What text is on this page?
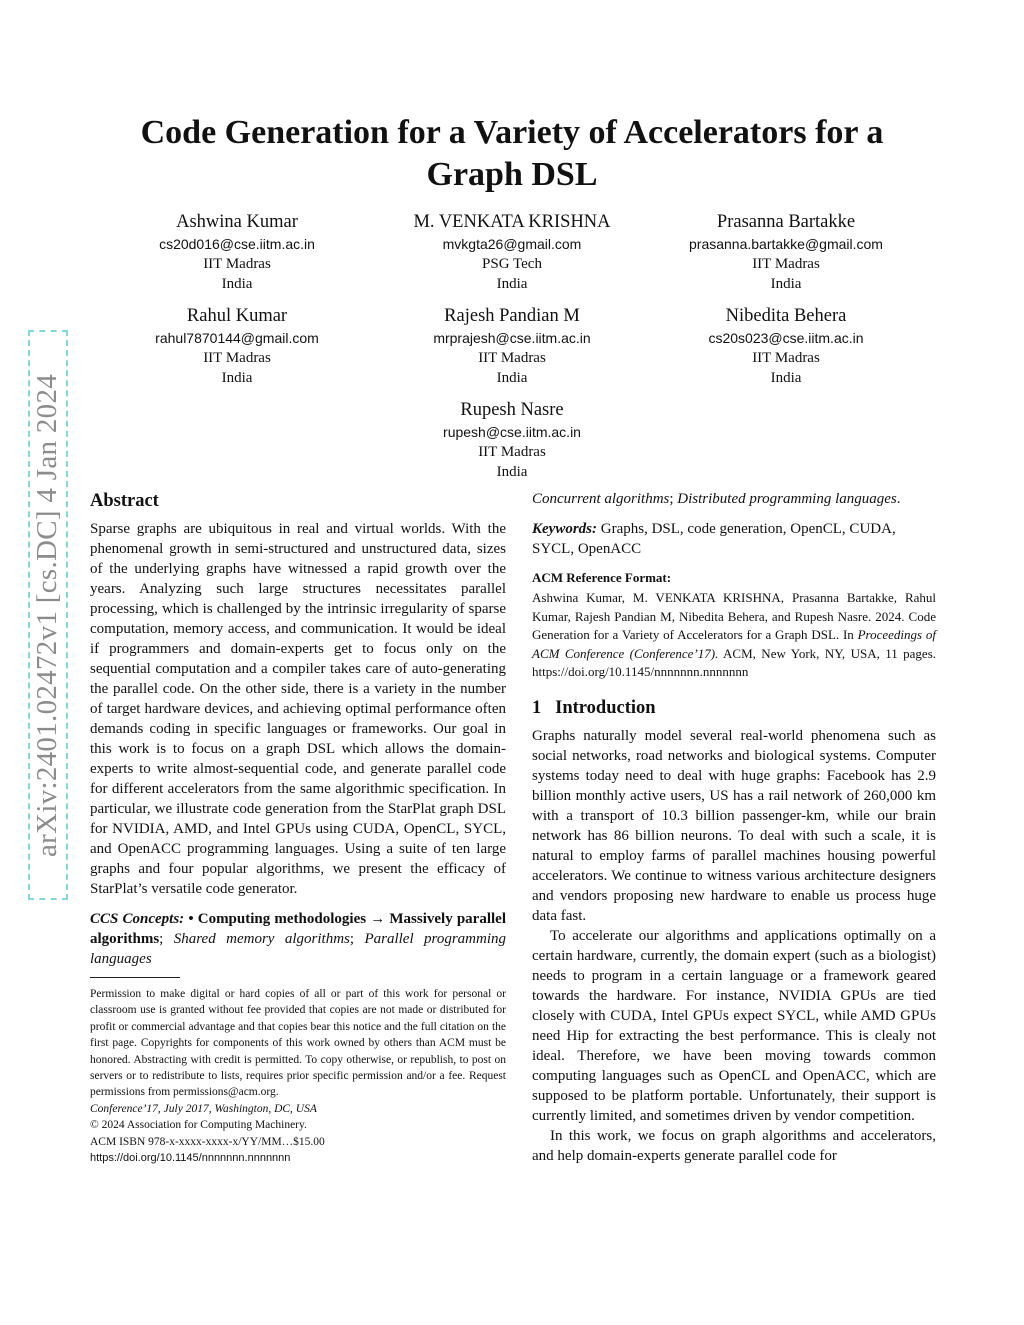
arXiv:2401.02472v1 [cs.DC] 4 Jan 2024
Code Generation for a Variety of Accelerators for a Graph DSL
Ashwina Kumar
cs20d016@cse.iitm.ac.in
IIT Madras
India
M. VENKATA KRISHNA
mvkgta26@gmail.com
PSG Tech
India
Prasanna Bartakke
prasanna.bartakke@gmail.com
IIT Madras
India
Rahul Kumar
rahul7870144@gmail.com
IIT Madras
India
Rajesh Pandian M
mrprajesh@cse.iitm.ac.in
IIT Madras
India
Nibedita Behera
cs20s023@cse.iitm.ac.in
IIT Madras
India
Rupesh Nasre
rupesh@cse.iitm.ac.in
IIT Madras
India
Abstract

Sparse graphs are ubiquitous in real and virtual worlds. With the phenomenal growth in semi-structured and unstructured data, sizes of the underlying graphs have witnessed a rapid growth over the years. Analyzing such large structures necessitates parallel processing, which is challenged by the intrinsic irregularity of sparse computation, memory access, and communication. It would be ideal if programmers and domain-experts get to focus only on the sequential computation and a compiler takes care of auto-generating the parallel code. On the other side, there is a variety in the number of target hardware devices, and achieving optimal performance often demands coding in specific languages or frameworks. Our goal in this work is to focus on a graph DSL which allows the domain-experts to write almost-sequential code, and generate parallel code for different accelerators from the same algorithmic specification. In particular, we illustrate code generation from the StarPlat graph DSL for NVIDIA, AMD, and Intel GPUs using CUDA, OpenCL, SYCL, and OpenACC programming languages. Using a suite of ten large graphs and four popular algorithms, we present the efficacy of StarPlat’s versatile code generator.

CCS Concepts: • Computing methodologies → Massively parallel algorithms; Shared memory algorithms; Parallel programming languages

Permission to make digital or hard copies of all or part of this work for personal or classroom use is granted without fee provided that copies are not made or distributed for profit or commercial advantage and that copies bear this notice and the full citation on the first page. Copyrights for components of this work owned by others than ACM must be honored. Abstracting with credit is permitted. To copy otherwise, or republish, to post on servers or to redistribute to lists, requires prior specific permission and/or a fee. Request permissions from permissions@acm.org.

Conference’17, July 2017, Washington, DC, USA

© 2024 Association for Computing Machinery.

ACM ISBN 978-x-xxxx-xxxx-x/YY/MM…$15.00

https://doi.org/10.1145/nnnnnnn.nnnnnnn

Concurrent algorithms; Distributed programming languages.

Keywords: Graphs, DSL, code generation, OpenCL, CUDA, SYCL, OpenACC

ACM Reference Format:

Ashwina Kumar, M. VENKATA KRISHNA, Prasanna Bartakke, Rahul Kumar, Rajesh Pandian M, Nibedita Behera, and Rupesh Nasre. 2024. Code Generation for a Variety of Accelerators for a Graph DSL. In Proceedings of ACM Conference (Conference’17). ACM, New York, NY, USA, 11 pages. https://doi.org/10.1145/nnnnnnn.nnnnnnn

1 Introduction

Graphs naturally model several real-world phenomena such as social networks, road networks and biological systems. Computer systems today need to deal with huge graphs: Facebook has 2.9 billion monthly active users, US has a rail network of 260,000 km with a transport of 10.3 billion passenger-km, while our brain network has 86 billion neurons. To deal with such a scale, it is natural to employ farms of parallel machines housing powerful accelerators. We continue to witness various architecture designers and vendors proposing new hardware to enable us process huge data fast.

To accelerate our algorithms and applications optimally on a certain hardware, currently, the domain expert (such as a biologist) needs to program in a certain language or a framework geared towards the hardware. For instance, NVIDIA GPUs are tied closely with CUDA, Intel GPUs expect SYCL, while AMD GPUs need Hip for extracting the best performance. This is clealy not ideal. Therefore, we have been moving towards common computing languages such as OpenCL and OpenACC, which are supposed to be platform portable. Unfortunately, their support is currently limited, and sometimes driven by vendor competition.

In this work, we focus on graph algorithms and accelerators, and help domain-experts generate parallel code for
